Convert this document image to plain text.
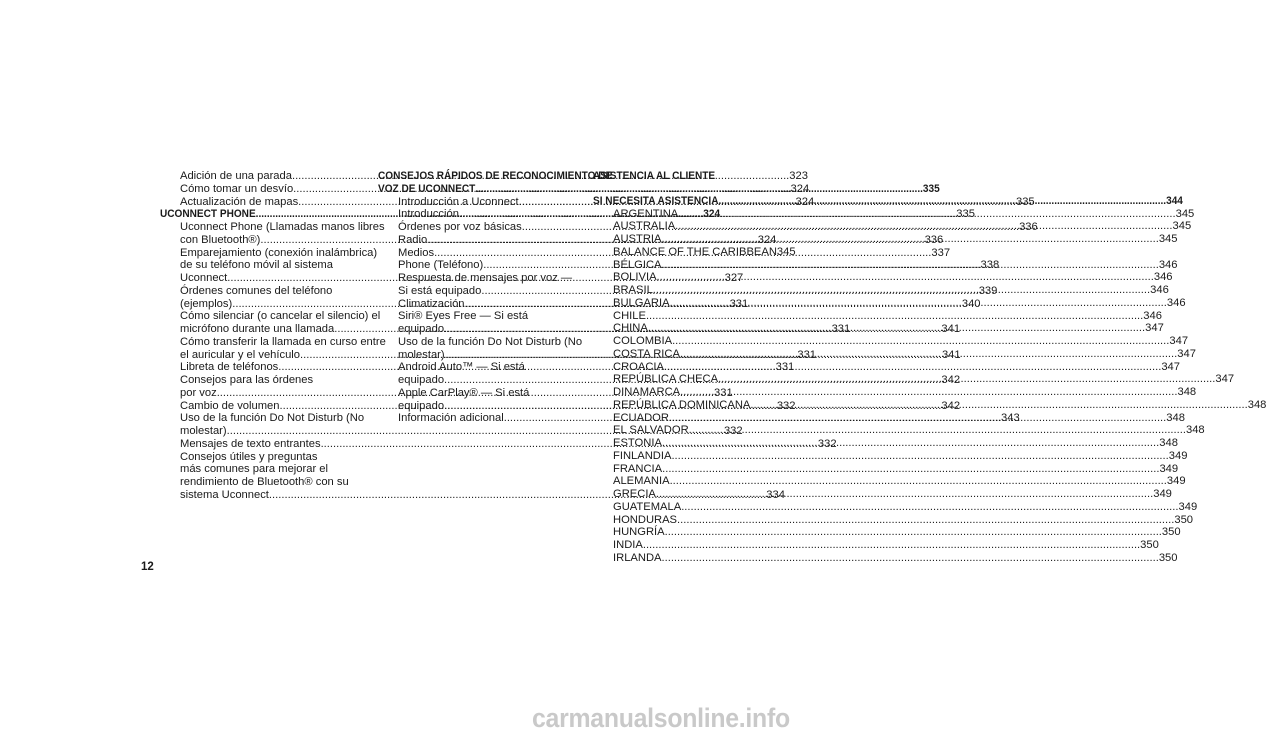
Adición de una parada .....	323
Cómo tomar un desvío .....	324
Actualización de mapas .....	324
UCONNECT PHONE .....	324
Uconnect Phone (Llamadas manos libres
con Bluetooth®) .....	324
Emparejamiento (conexión inalámbrica)
de su teléfono móvil al sistema
Uconnect .....	327
Órdenes comunes del teléfono
(ejemplos) .....	331
Cómo silenciar (o cancelar el silencio) el
micrófono durante una llamada .....	331
Cómo transferir la llamada en curso entre
el auricular y el vehículo .....	331
Libreta de teléfonos .....	331
Consejos para las órdenes
por voz .....	331
Cambio de volumen .....	332
Uso de la función Do Not Disturb (No
molestar) .....	332
Mensajes de texto entrantes .....	332
Consejos útiles y preguntas
más comunes para mejorar el
rendimiento de Bluetooth® con su
sistema Uconnect .....	334
CONSEJOS RÁPIDOS DE RECONOCIMIENTO DE
VOZ DE UCONNECT .....	335
Introducción a Uconnect .....	335
Introducción .....	335
Órdenes por voz básicas .....	336
Radio .....	336
Medios .....	337
Phone (Teléfono) .....	338
Respuesta de mensajes por voz —
Si está equipado .....	339
Climatización .....	340
Siri® Eyes Free — Si está
equipado .....	341
Uso de la función Do Not Disturb (No
molestar) .....	341
Android Auto™ — Si está
equipado .....	342
Apple CarPlay® — Si está
equipado .....	342
Información adicional .....	343
ASISTENCIA AL CLIENTE
SI NECESITA ASISTENCIA .....	344
ARGENTINA .....	345
AUSTRALIA .....	345
AUSTRIA .....	345
BALANCE OF THE CARIBBEAN 345
BÉLGICA .....	346
BOLIVIA .....	346
BRASIL .....	346
BULGARIA .....	346
CHILE .....	346
CHINA .....	347
COLOMBIA .....	347
COSTA RICA .....	347
CROACIA .....	347
REPÚBLICA CHECA .....	347
DINAMARCA .....	348
REPÚBLICA DOMINICANA .....	348
ECUADOR .....	348
EL SALVADOR .....	348
ESTONIA .....	348
FINLANDIA .....	349
FRANCIA .....	349
ALEMANIA .....	349
GRECIA .....	349
GUATEMALA .....	349
HONDURAS .....	350
HUNGRÍA .....	350
INDIA .....	350
IRLANDA .....	350
12
carmanualsonline.info
